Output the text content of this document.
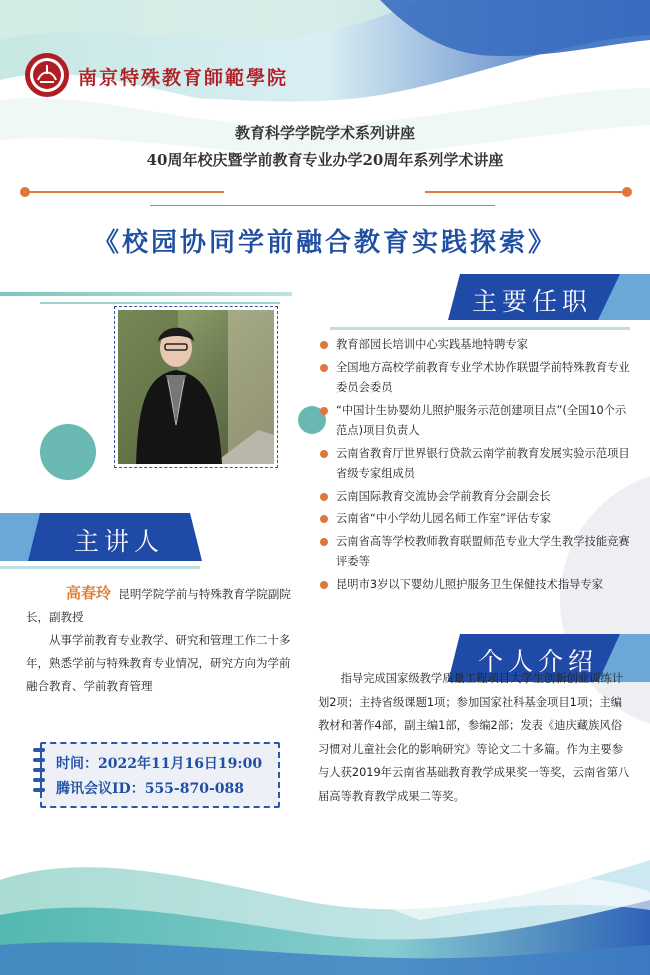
南京特殊教育師範學院
教育科学学院学术系列讲座
40周年校庆暨学前教育专业办学20周年系列学术讲座
《校园协同学前融合教育实践探索》
主要任职
教育部园长培训中心实践基地特聘专家
全国地方高校学前教育专业学术协作联盟学前特殊教育专业委员会委员
“中国计生协婴幼儿照护服务示范创建项目点”(全国10个示范点)项目负责人
云南省教育厅世界银行贷款云南学前教育发展实验示范项目省级专家组成员
云南国际教育交流协会学前教育分会副会长
云南省“中小学幼儿园名师工作室”评估专家
云南省高等学校教师教育联盟师范专业大学生教学技能竞赛评委等
昆明市3岁以下婴幼儿照护服务卫生保健技术指导专家
主讲人

高春玲 昆明学院学前与特殊教育学院副院长，副教授

从事学前教育专业教学、研究和管理工作二十多年，熟悉学前与特殊教育专业情况，研究方向为学前融合教育、学前教育管理

个人介绍
指导完成国家级教学质量工程项目大学生创新创业训练计划2项；主持省级课题1项；参加国家社科基金项目1项；主编教材和著作4部，副主编1部，参编2部；发表《迪庆藏族风俗习惯对儿童社会化的影响研究》等论文二十多篇。作为主要参与人获2019年云南省基础教育教学成果奖一等奖，云南省第八届高等教育教学成果二等奖。
时间：2022年11月16日19:00
腾讯会议ID：555-870-088
